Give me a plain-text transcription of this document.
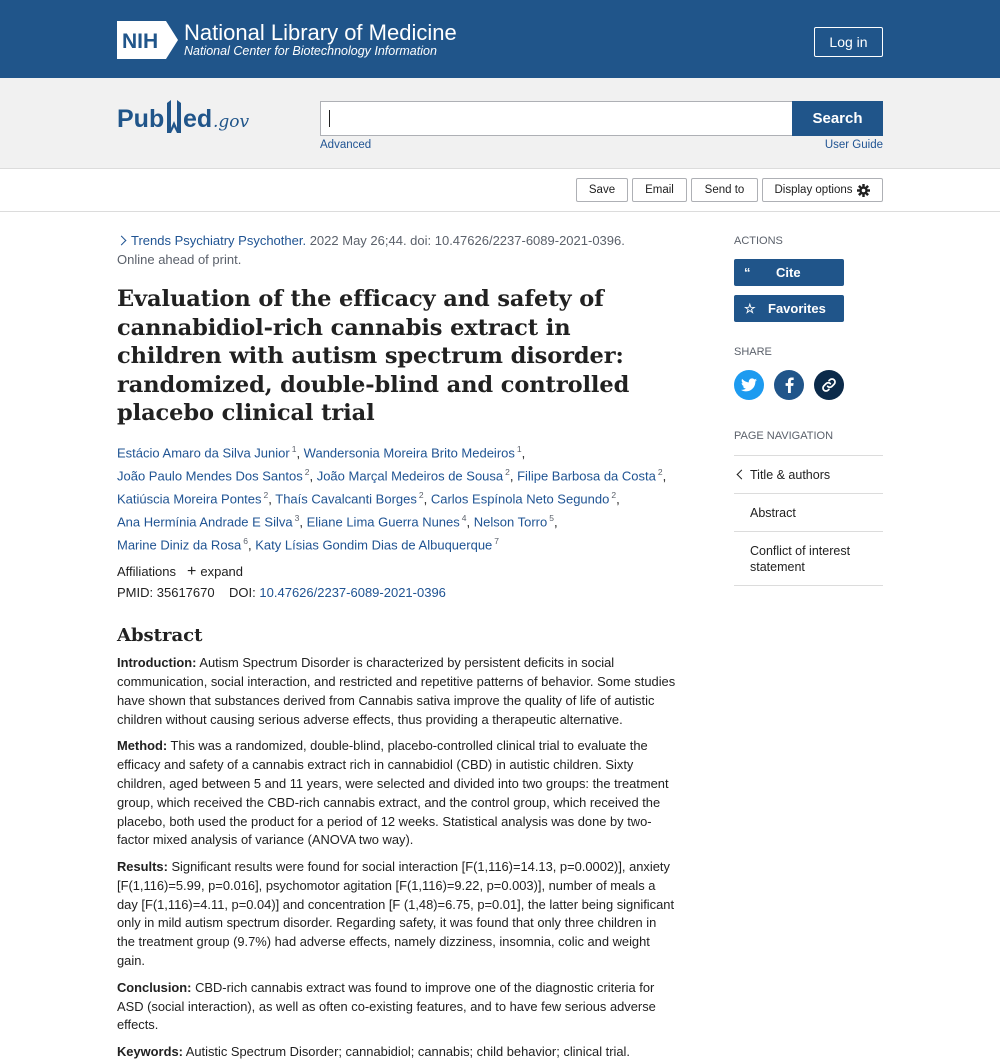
NIH National Library of Medicine
National Center for Biotechnology Information
Log in
Pub ed .gov	Search
Advanced	User Guide
Save	Email	Send to	Display options
Trends Psychiatry Psychother. 2022 May 26;44. doi: 10.47626/2237-6089-2021-0396.
Online ahead of print.
Evaluation of the efficacy and safety of cannabidiol-rich cannabis extract in children with autism spectrum disorder: randomized, double-blind and controlled placebo clinical trial
Estácio Amaro da Silva Junior $^1$, Wandersonia Moreira Brito Medeiros $^1$,
João Paulo Mendes Dos Santos $^2$, João Marçal Medeiros de Sousa $^2$, Filipe Barbosa da Costa $^2$,
Katiúscia Moreira Pontes $^2$, Thaís Cavalcanti Borges $^2$, Carlos Espínola Neto Segundo $^2$,
Ana Hermínia Andrade E Silva $^3$, Eliane Lima Guerra Nunes $^4$, Nelson Torro $^5$,
Marine Diniz da Rosa $^6$, Katy Lísias Gondim Dias de Albuquerque $^7$
Affiliations + expand
PMID: 35617670 DOI: 10.47626/2237-6089-2021-0396
Abstract

Introduction: Autism Spectrum Disorder is characterized by persistent deficits in social communication, social interaction, and restricted and repetitive patterns of behavior. Some studies have shown that substances derived from Cannabis sativa improve the quality of life of autistic children without causing serious adverse effects, thus providing a therapeutic alternative.

Method: This was a randomized, double-blind, placebo-controlled clinical trial to evaluate the efficacy and safety of a cannabis extract rich in cannabidiol (CBD) in autistic children. Sixty children, aged between 5 and 11 years, were selected and divided into two groups: the treatment group, which received the CBD-rich cannabis extract, and the control group, which received the placebo, both used the product for a period of 12 weeks. Statistical analysis was done by two-factor mixed analysis of variance (ANOVA two way).

Results: Significant results were found for social interaction [F(1,116)=14.13, p=0.0002)], anxiety [F(1,116)=5.99, p=0.016], psychomotor agitation [F(1,116)=9.22, p=0.003)], number of meals a day [F(1,116)=4.11, p=0.04)] and concentration [F (1,48)=6.75, p=0.01], the latter being significant only in mild autism spectrum disorder. Regarding safety, it was found that only three children in the treatment group (9.7%) had adverse effects, namely dizziness, insomnia, colic and weight gain.

Conclusion: CBD-rich cannabis extract was found to improve one of the diagnostic criteria for ASD (social interaction), as well as often co-existing features, and to have few serious adverse effects.

Keywords: Autistic Spectrum Disorder; cannabidiol; cannabis; child behavior; clinical trial.

ACTIONS
“	Cite
☆ Favorites
SHARE
PAGE NAVIGATION
Title & authors
Abstract
Conflict of interest statement
